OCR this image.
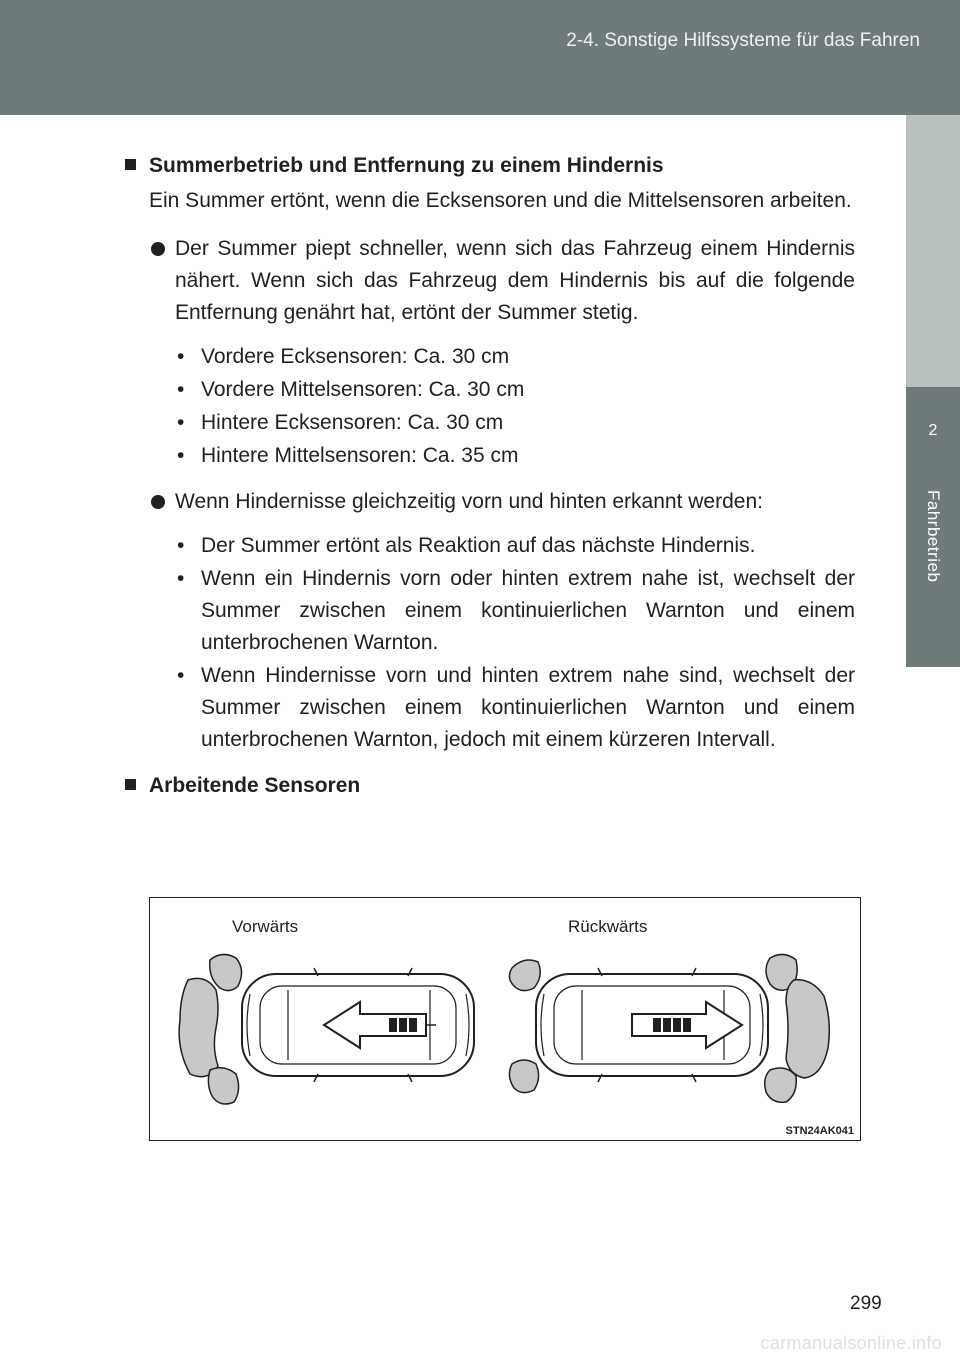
2-4. Sonstige Hilfssysteme für das Fahren
2
Fahrbetrieb
Summerbetrieb und Entfernung zu einem Hindernis
Ein Summer ertönt, wenn die Ecksensoren und die Mittelsensoren arbeiten.
Der Summer piept schneller, wenn sich das Fahrzeug einem Hindernis nähert. Wenn sich das Fahrzeug dem Hindernis bis auf die folgende Entfernung genährt hat, ertönt der Summer stetig.
• Vordere Ecksensoren: Ca. 30 cm
• Vordere Mittelsensoren: Ca. 30 cm
• Hintere Ecksensoren: Ca. 30 cm
• Hintere Mittelsensoren: Ca. 35 cm
Wenn Hindernisse gleichzeitig vorn und hinten erkannt werden:
• Der Summer ertönt als Reaktion auf das nächste Hindernis.
• Wenn ein Hindernis vorn oder hinten extrem nahe ist, wechselt der Summer zwischen einem kontinuierlichen Warnton und einem unterbrochenen Warnton.
• Wenn Hindernisse vorn und hinten extrem nahe sind, wechselt der Summer zwischen einem kontinuierlichen Warnton und einem unterbrochenen Warnton, jedoch mit einem kürzeren Intervall.
Arbeitende Sensoren
Vorwärts	Rückwärts
STN24AK041
299
carmanualsonline.info
